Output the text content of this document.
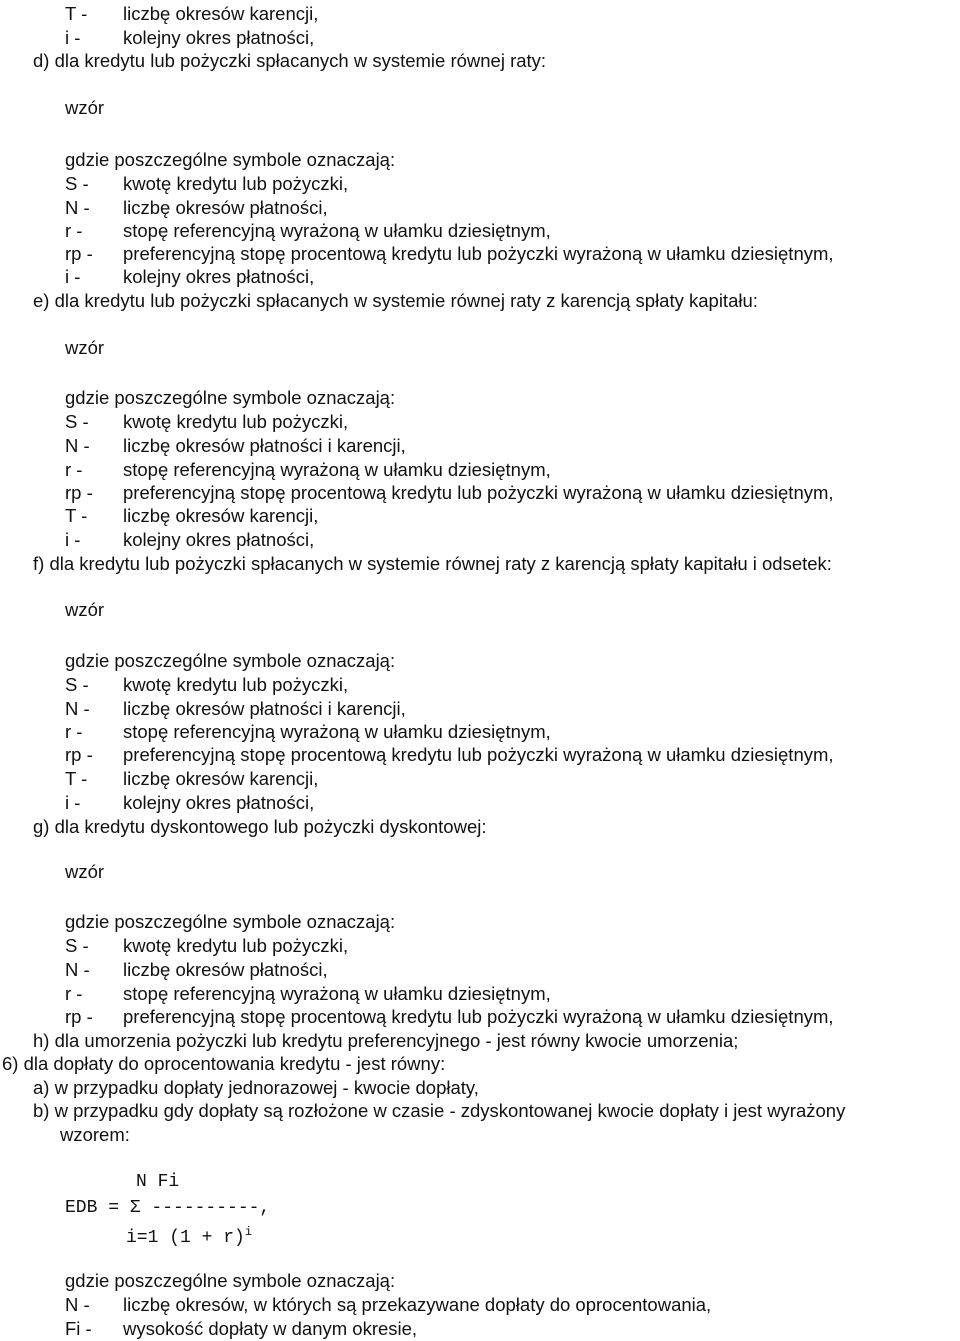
T - liczbę okresów karencji,
i - kolejny okres płatności,
d) dla kredytu lub pożyczki spłacanych w systemie równej raty:
wzór
gdzie poszczególne symbole oznaczają:
S - kwotę kredytu lub pożyczki,
N - liczbę okresów płatności,
r - stopę referencyjną wyrażoną w ułamku dziesiętnym,
rp - preferencyjną stopę procentową kredytu lub pożyczki wyrażoną w ułamku dziesiętnym,
i - kolejny okres płatności,
e) dla kredytu lub pożyczki spłacanych w systemie równej raty z karencją spłaty kapitału:
wzór
gdzie poszczególne symbole oznaczają:
S - kwotę kredytu lub pożyczki,
N - liczbę okresów płatności i karencji,
r - stopę referencyjną wyrażoną w ułamku dziesiętnym,
rp - preferencyjną stopę procentową kredytu lub pożyczki wyrażoną w ułamku dziesiętnym,
T - liczbę okresów karencji,
i - kolejny okres płatności,
f) dla kredytu lub pożyczki spłacanych w systemie równej raty z karencją spłaty kapitału i odsetek:
wzór
gdzie poszczególne symbole oznaczają:
S - kwotę kredytu lub pożyczki,
N - liczbę okresów płatności i karencji,
r - stopę referencyjną wyrażoną w ułamku dziesiętnym,
rp - preferencyjną stopę procentową kredytu lub pożyczki wyrażoną w ułamku dziesiętnym,
T - liczbę okresów karencji,
i - kolejny okres płatności,
g) dla kredytu dyskontowego lub pożyczki dyskontowej:
wzór
gdzie poszczególne symbole oznaczają:
S - kwotę kredytu lub pożyczki,
N - liczbę okresów płatności,
r - stopę referencyjną wyrażoną w ułamku dziesiętnym,
rp - preferencyjną stopę procentową kredytu lub pożyczki wyrażoną w ułamku dziesiętnym,
h) dla umorzenia pożyczki lub kredytu preferencyjnego - jest równy kwocie umorzenia;
6) dla dopłaty do oprocentowania kredytu - jest równy:
a) w przypadku dopłaty jednorazowej - kwocie dopłaty,
b) w przypadku gdy dopłaty są rozłożone w czasie - zdyskontowanej kwocie dopłaty i jest wyrażony
wzorem:
gdzie poszczególne symbole oznaczają:
N - liczbę okresów, w których są przekazywane dopłaty do oprocentowania,
Fi - wysokość dopłaty w danym okresie,
N Fi
EDB = Σ ----------,
i=1 $(1 + r)^i$
